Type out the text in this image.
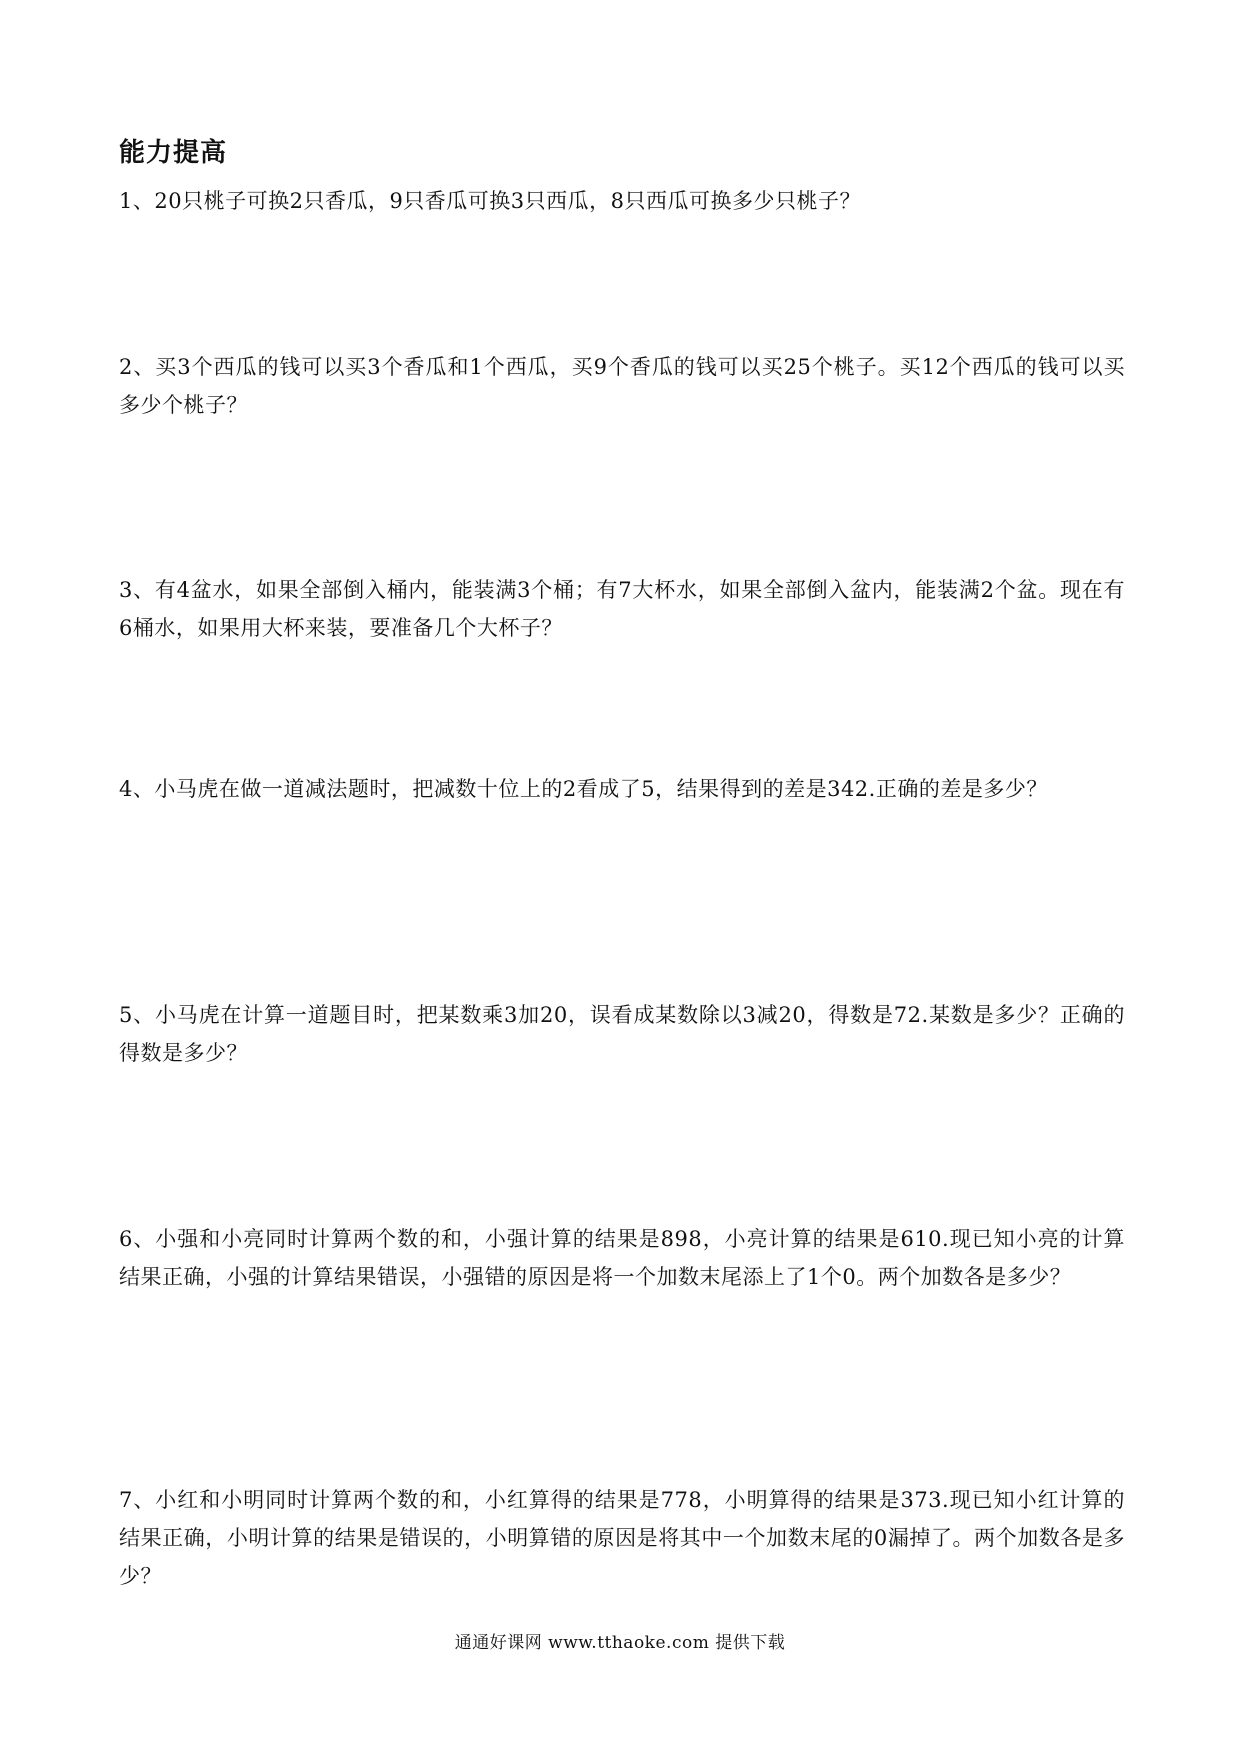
能力提高

1、20只桃子可换2只香瓜，9只香瓜可换3只西瓜，8只西瓜可换多少只桃子？

2、买3个西瓜的钱可以买3个香瓜和1个西瓜，买9个香瓜的钱可以买25个桃子。买12个西瓜的钱可以买多少个桃子？

3、有4盆水，如果全部倒入桶内，能装满3个桶；有7大杯水，如果全部倒入盆内，能装满2个盆。现在有6桶水，如果用大杯来装，要准备几个大杯子？

4、小马虎在做一道减法题时，把减数十位上的2看成了5，结果得到的差是342.正确的差是多少？

5、小马虎在计算一道题目时，把某数乘3加20，误看成某数除以3减20，得数是72.某数是多少？正确的得数是多少？

6、小强和小亮同时计算两个数的和，小强计算的结果是898，小亮计算的结果是610.现已知小亮的计算结果正确，小强的计算结果错误，小强错的原因是将一个加数末尾添上了1个0。两个加数各是多少？

7、小红和小明同时计算两个数的和，小红算得的结果是778，小明算得的结果是373.现已知小红计算的结果正确，小明计算的结果是错误的，小明算错的原因是将其中一个加数末尾的0漏掉了。两个加数各是多少？

通通好课网 www.tthaoke.com 提供下载
